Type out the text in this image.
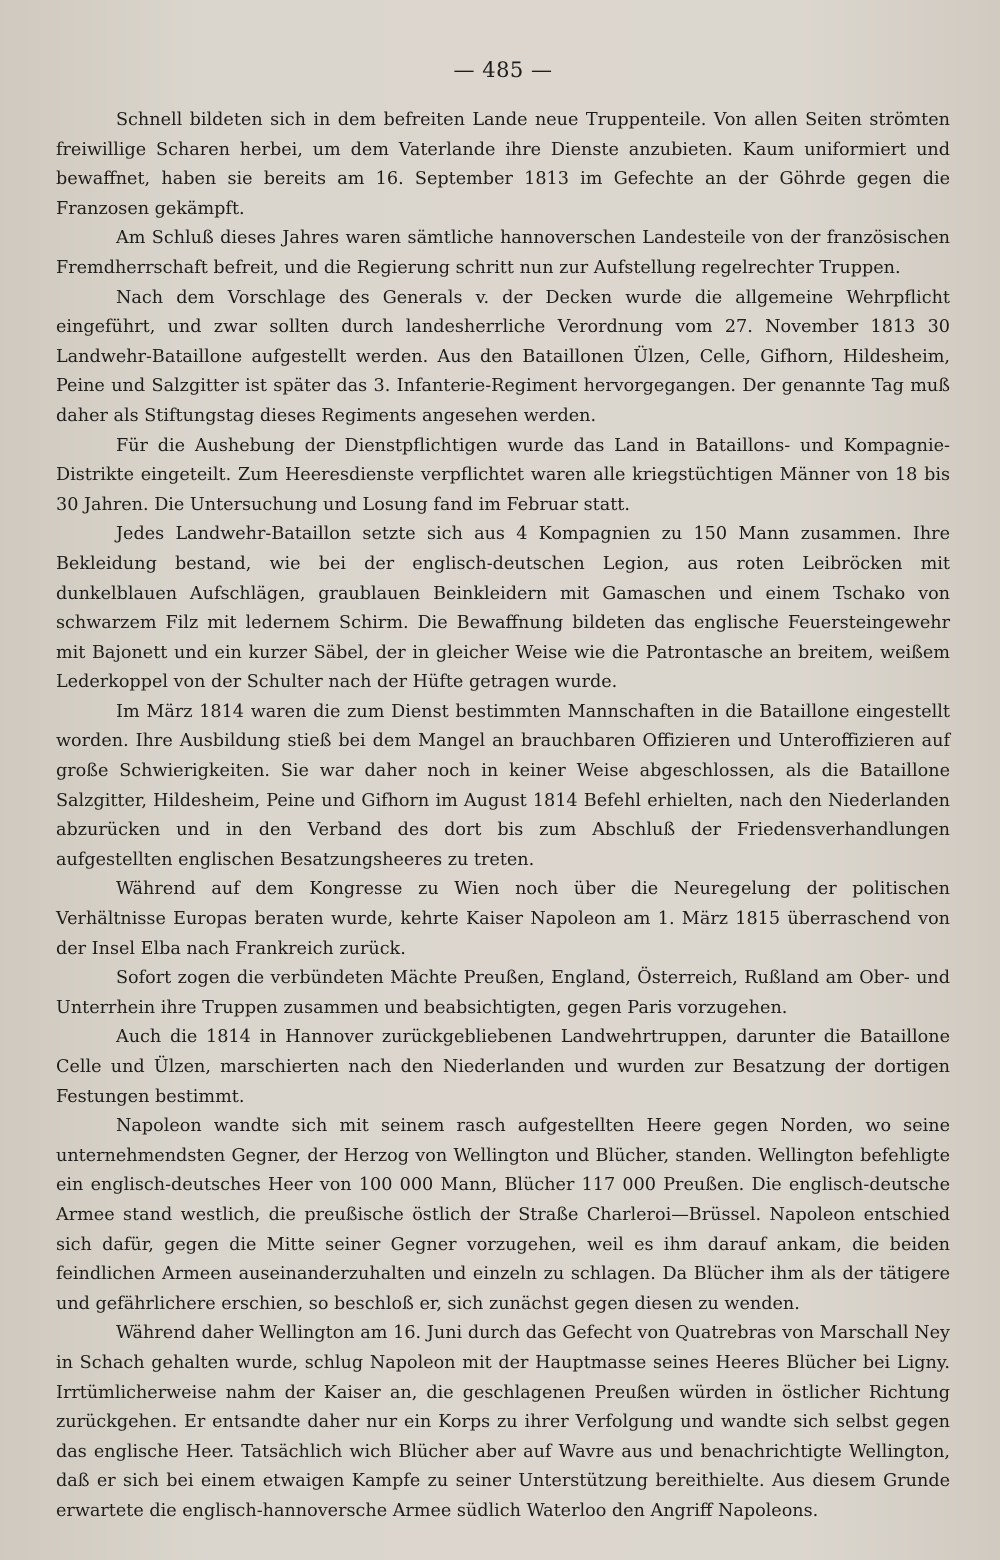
— 485 —

Schnell bildeten sich in dem befreiten Lande neue Truppenteile. Von allen Seiten strömten freiwillige Scharen herbei, um dem Vaterlande ihre Dienste anzubieten. Kaum uniformiert und bewaffnet, haben sie bereits am 16. September 1813 im Gefechte an der Göhrde gegen die Franzosen gekämpft.

Am Schluß dieses Jahres waren sämtliche hannoverschen Landesteile von der französischen Fremdherrschaft befreit, und die Regierung schritt nun zur Aufstellung regelrechter Truppen.

Nach dem Vorschlage des Generals v. der Decken wurde die allgemeine Wehrpflicht eingeführt, und zwar sollten durch landesherrliche Verordnung vom 27. November 1813 30 Landwehr-Bataillone aufgestellt werden. Aus den Bataillonen Ülzen, Celle, Gifhorn, Hildesheim, Peine und Salzgitter ist später das 3. Infanterie-Regiment hervorgegangen. Der genannte Tag muß daher als Stiftungstag dieses Regiments angesehen werden.

Für die Aushebung der Dienstpflichtigen wurde das Land in Bataillons- und Kompagnie-Distrikte eingeteilt. Zum Heeresdienste verpflichtet waren alle kriegstüchtigen Männer von 18 bis 30 Jahren. Die Untersuchung und Losung fand im Februar statt.

Jedes Landwehr-Bataillon setzte sich aus 4 Kompagnien zu 150 Mann zusammen. Ihre Bekleidung bestand, wie bei der englisch-deutschen Legion, aus roten Leibröcken mit dunkelblauen Aufschlägen, graublauen Beinkleidern mit Gamaschen und einem Tschako von schwarzem Filz mit ledernem Schirm. Die Bewaffnung bildeten das englische Feuersteingewehr mit Bajonett und ein kurzer Säbel, der in gleicher Weise wie die Patrontasche an breitem, weißem Lederkoppel von der Schulter nach der Hüfte getragen wurde.

Im März 1814 waren die zum Dienst bestimmten Mannschaften in die Bataillone eingestellt worden. Ihre Ausbildung stieß bei dem Mangel an brauchbaren Offizieren und Unteroffizieren auf große Schwierigkeiten. Sie war daher noch in keiner Weise abgeschlossen, als die Bataillone Salzgitter, Hildesheim, Peine und Gifhorn im August 1814 Befehl erhielten, nach den Niederlanden abzurücken und in den Verband des dort bis zum Abschluß der Friedensverhandlungen aufgestellten englischen Besatzungsheeres zu treten.

Während auf dem Kongresse zu Wien noch über die Neuregelung der politischen Verhältnisse Europas beraten wurde, kehrte Kaiser Napoleon am 1. März 1815 überraschend von der Insel Elba nach Frankreich zurück.

Sofort zogen die verbündeten Mächte Preußen, England, Österreich, Rußland am Ober- und Unterrhein ihre Truppen zusammen und beabsichtigten, gegen Paris vorzugehen.

Auch die 1814 in Hannover zurückgebliebenen Landwehrtruppen, darunter die Bataillone Celle und Ülzen, marschierten nach den Niederlanden und wurden zur Besatzung der dortigen Festungen bestimmt.

Napoleon wandte sich mit seinem rasch aufgestellten Heere gegen Norden, wo seine unternehmendsten Gegner, der Herzog von Wellington und Blücher, standen. Wellington befehligte ein englisch-deutsches Heer von 100 000 Mann, Blücher 117 000 Preußen. Die englisch-deutsche Armee stand westlich, die preußische östlich der Straße Charleroi—Brüssel. Napoleon entschied sich dafür, gegen die Mitte seiner Gegner vorzugehen, weil es ihm darauf ankam, die beiden feindlichen Armeen auseinanderzuhalten und einzeln zu schlagen. Da Blücher ihm als der tätigere und gefährlichere erschien, so beschloß er, sich zunächst gegen diesen zu wenden.

Während daher Wellington am 16. Juni durch das Gefecht von Quatrebras von Marschall Ney in Schach gehalten wurde, schlug Napoleon mit der Hauptmasse seines Heeres Blücher bei Ligny. Irrtümlicherweise nahm der Kaiser an, die geschlagenen Preußen würden in östlicher Richtung zurückgehen. Er entsandte daher nur ein Korps zu ihrer Verfolgung und wandte sich selbst gegen das englische Heer. Tatsächlich wich Blücher aber auf Wavre aus und benachrichtigte Wellington, daß er sich bei einem etwaigen Kampfe zu seiner Unterstützung bereithielte. Aus diesem Grunde erwartete die englisch-hannoversche Armee südlich Waterloo den Angriff Napoleons.
